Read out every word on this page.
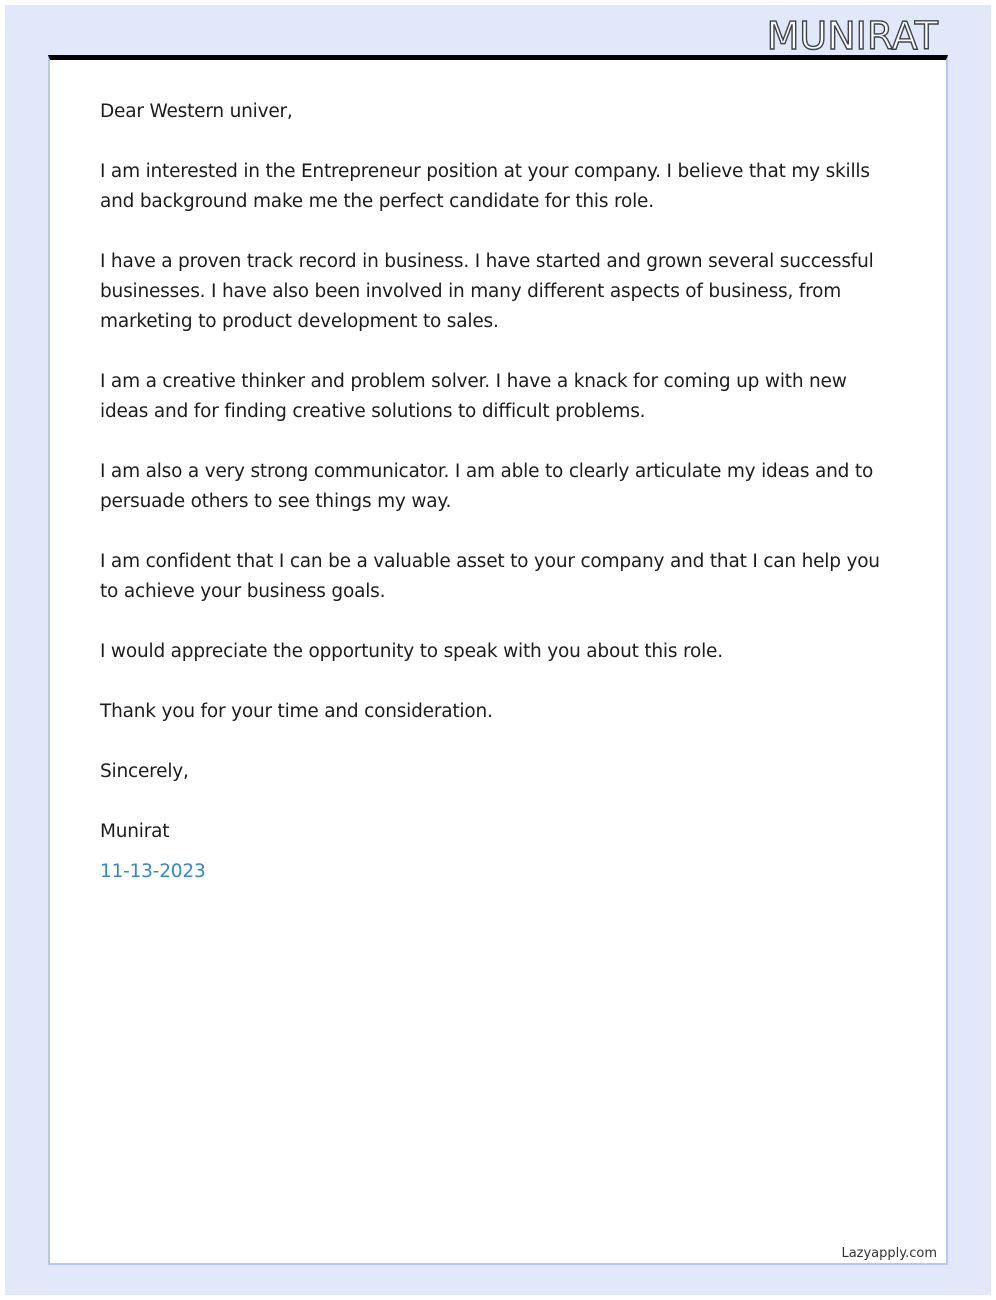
MUNIRAT

Dear Western univer,

I am interested in the Entrepreneur position at your company. I believe that my skills and background make me the perfect candidate for this role.

I have a proven track record in business. I have started and grown several successful businesses. I have also been involved in many different aspects of business, from marketing to product development to sales.

I am a creative thinker and problem solver. I have a knack for coming up with new ideas and for finding creative solutions to difficult problems.

I am also a very strong communicator. I am able to clearly articulate my ideas and to persuade others to see things my way.

I am confident that I can be a valuable asset to your company and that I can help you to achieve your business goals.

I would appreciate the opportunity to speak with you about this role.

Thank you for your time and consideration.

Sincerely,

Munirat

11-13-2023

Lazyapply.com
